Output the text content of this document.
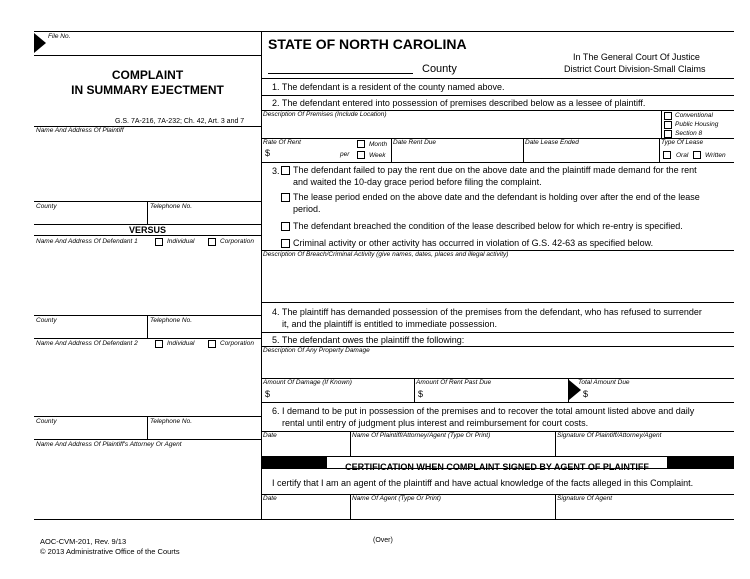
File No.
COMPLAINT
IN SUMMARY EJECTMENT
G.S. 7A-216, 7A-232; Ch. 42, Art. 3 and 7
Name And Address Of Plaintiff
County	Telephone No.
VERSUS
Name And Address Of Defendant 1	Individual	Corporation
County	Telephone No.
Name And Address Of Defendant 2	Individual	Corporation
County	Telephone No.
Name And Address Of Plaintiff's Attorney Or Agent
STATE OF NORTH CAROLINA
County
In The General Court Of Justice
District Court Division-Small Claims
1. The defendant is a resident of the county named above.
2. The defendant entered into possession of premises described below as a lessee of plaintiff.
Description Of Premises (Include Location)	Conventional
Public Housing
Section 8
Rate Of Rent
$	per
Month
Week
Date Rent Due	Date Lease Ended	Type Of Lease
Oral	Written
3. The defendant failed to pay the rent due on the above date and the plaintiff made demand for the rent
and waited the 10-day grace period before filing the complaint.
The lease period ended on the above date and the defendant is holding over after the end of the lease
period.
The defendant breached the condition of the lease described below for which re-entry is specified.
Criminal activity or other activity has occurred in violation of G.S. 42-63 as specified below.
Description Of Breach/Criminal Activity (give names, dates, places and illegal activity)
4. The plaintiff has demanded possession of the premises from the defendant, who has refused to surrender
it, and the plaintiff is entitled to immediate possession.
5. The defendant owes the plaintiff the following:
Description Of Any Property Damage
Amount Of Damage (If Known)
$
Amount Of Rent Past Due
$
Total Amount Due
$
6. I demand to be put in possession of the premises and to recover the total amount listed above and daily
rental until entry of judgment plus interest and reimbursement for court costs.
Date	Name Of Plaintiff/Attorney/Agent (Type Or Print)	Signature Of Plaintiff/Attorney/Agent
CERTIFICATION WHEN COMPLAINT SIGNED BY AGENT OF PLAINTIFF
I certify that I am an agent of the plaintiff and have actual knowledge of the facts alleged in this Complaint.
Date	Name Of Agent (Type Or Print)	Signature Of Agent
AOC-CVM-201, Rev. 9/13
© 2013 Administrative Office of the Courts
(Over)
